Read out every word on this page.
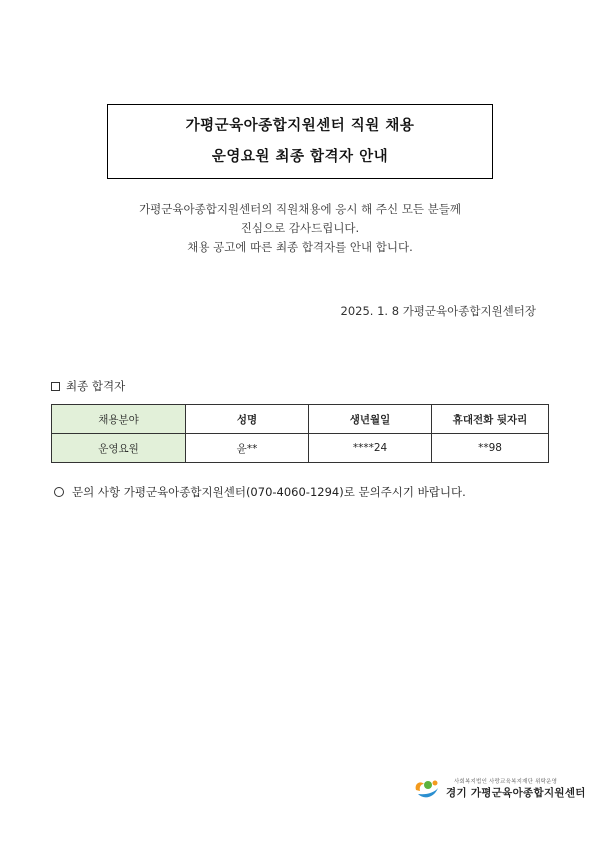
가평군육아종합지원센터 직원 채용
운영요원 최종 합격자 안내
가평군육아종합지원센터의 직원채용에 응시 해 주신 모든 분들께
진심으로 감사드립니다.
채용 공고에 따른 최종 합격자를 안내 합니다.
2025. 1. 8 가평군육아종합지원센터장
최종 합격자
채용분야	성명	생년월일	휴대전화 뒷자리
운영요원	윤**	****24	**98
문의 사항 가평군육아종합지원센터(070-4060-1294)로 문의주시기 바랍니다.
사회복지법인 사랑교육복지재단 위탁운영
경기 가평군육아종합지원센터
